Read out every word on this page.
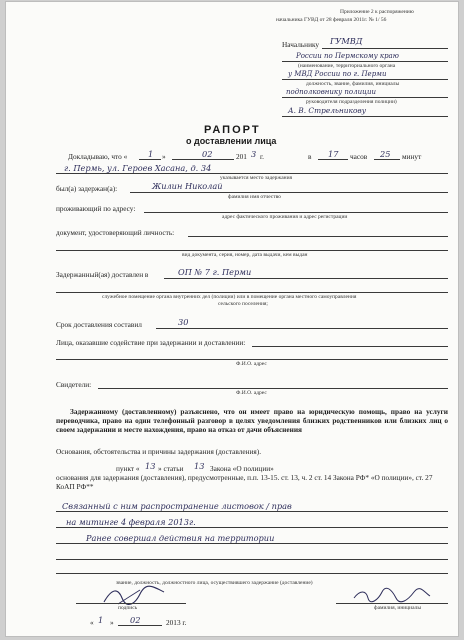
Приложение 2 к распоряжению
начальника ГУВД от 28 февраля 2011г. № 1/ 56
Начальнику ГУМВД
России по Пермскому краю
(наименование, территориального органа
у МВД России по г. Перми
должность, звание, фамилия, инициалы
подполковнику полиции
руководителя подразделения полиции)
А. В. Стрельникову
РАПОРТ
о доставлении лица
Докладываю, что «	1 »	02	201 3 г.	в 17 часов 25 минут
г. Пермь, ул. Героев Хасана, д. 34
указывается место задержания
был(а) задержан(а):	Жилин Николай
фамилия имя отчество
проживающий по адресу:
адрес фактического проживания и адрес регистрации
документ, удостоверяющий личность:
вид документа, серия, номер, дата выдачи, кем выдан
Задержанный(ая) доставлен в	ОП № 7 г. Перми
служебное помещение органа внутренних дел (полиции) или в помещение органа местного самоуправления
сельского поселения;
Срок доставления составил	30
Лица, оказавшие содействие при задержании и доставлении:
Ф.И.О. адрес
Свидетели:
Ф.И.О. адрес
Задержанному (доставленному) разъяснено, что он имеет право на юридическую помощь, право на услуги переводчика, право на один телефонный разговор в целях уведомления близких родственников или близких лиц о своем задержании и месте нахождения, право на отказ от дачи объяснения
Основания, обстоятельства и причины задержания (доставления).
пункт « 13 » статьи 13 Закона «О полиции»
основания для задержания (доставления), предусмотренные, п.п. 13-15. ст. 13, ч. 2 ст. 14 Закона РФ* «О полиции», ст. 27 КоАП РФ**
Связанный с ним распространение листовок / прав
на митинге 4 февраля 2013г.
Ранее совершал действия на территории
звание, должность, должностного лица, осуществившего задержание (доставление)
подпись	фамилия, инициалы
« 1 » 02	2013 г.
